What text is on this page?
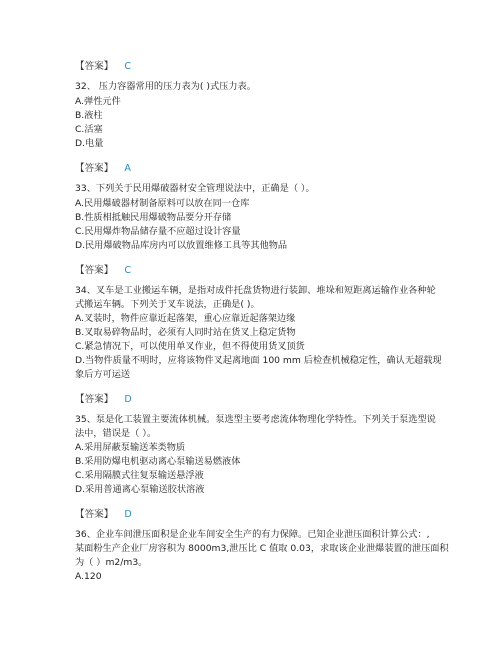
【答案】 C
32、 压力容器常用的压力表为( )式压力表。
A.弹性元件
B.液柱
C.活塞
D.电量
【答案】 A
33、下列关于民用爆破器材安全管理说法中，正确是（ ）。
A.民用爆破器材制备原料可以放在同一仓库
B.性质相抵触民用爆破物品要分开存储
C.民用爆炸物品储存量不应超过设计容量
D.民用爆破物品库房内可以放置维修工具等其他物品
【答案】 C
34、叉车是工业搬运车辆，是指对成件托盘货物进行装卸、堆垛和短距离运输作业各种轮
式搬运车辆。下列关于叉车说法，正确是( )。
A.叉装时，物件应靠近起落架，重心应靠近起落架边缘
B.叉取易碎物品时，必须有人同时站在货叉上稳定货物
C.紧急情况下，可以使用单叉作业，但不得使用货叉顶货
D.当物件质量不明时，应将该物件叉起离地面 100 mm 后检查机械稳定性，确认无超载现
象后方可运送
【答案】 D
35、泵是化工装置主要流体机械。泵选型主要考虑流体物理化学特性。下列关于泵选型说
法中，错误是（ ）。
A.采用屏蔽泵输送苯类物质
B.采用防爆电机驱动离心泵输送易燃液体
C.采用隔膜式往复泵输送悬浮液
D.采用普通离心泵输送胶状溶液
【答案】 D
36、企业车间泄压面积是企业车间安全生产的有力保障。已知企业泄压面积计算公式：,
某面粉生产企业厂房容积为 8000m3,泄压比 C 值取 0.03，求取该企业泄爆装置的泄压面积
为（ ）m2/m3。
A.120
